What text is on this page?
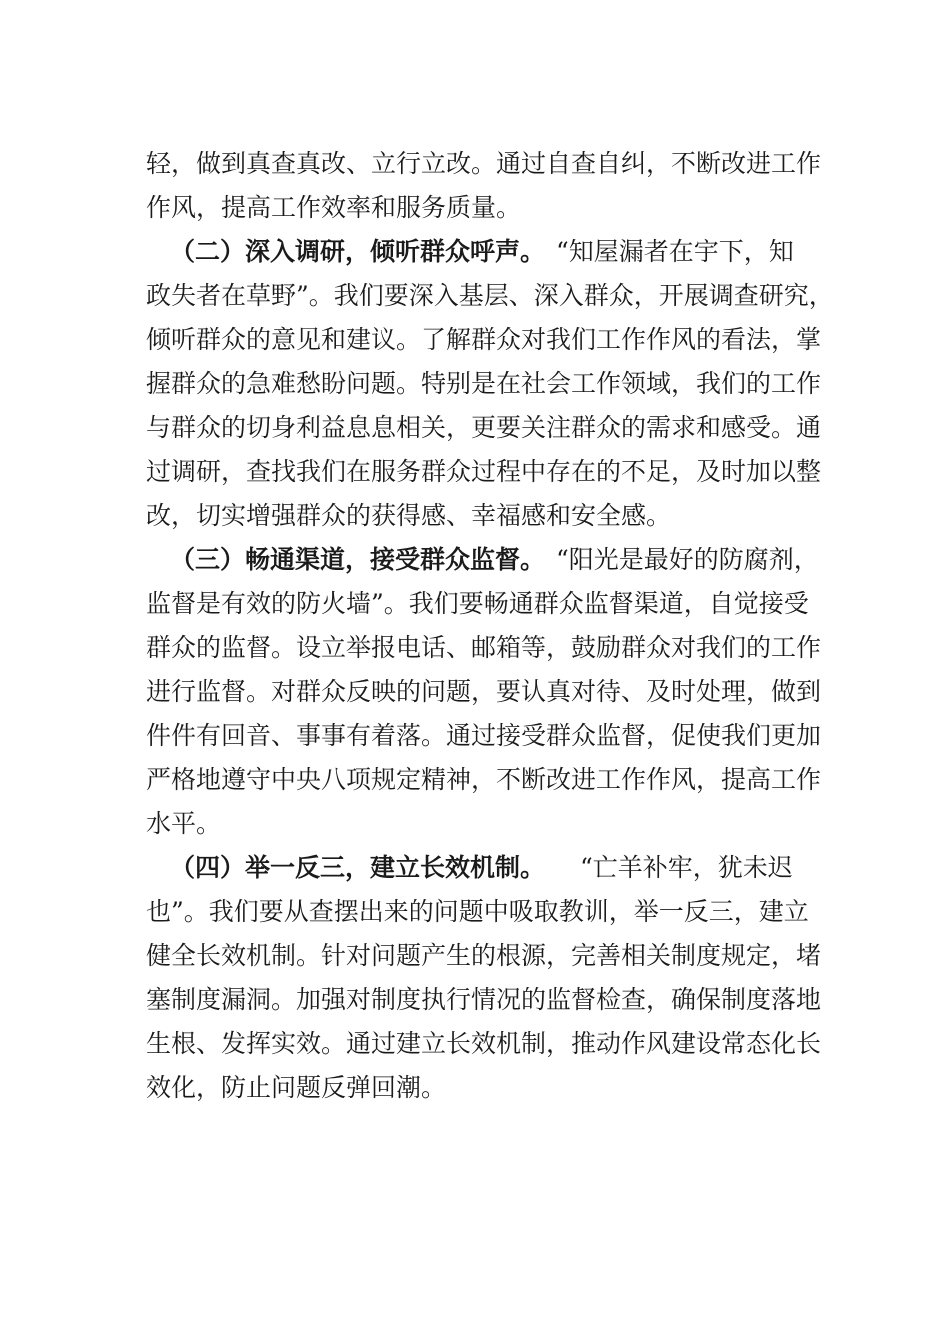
轻，做到真查真改、立行立改。通过自查自纠，不断改进工作
作风，提高工作效率和服务质量。
（二）深入调研，倾听群众呼声。 “知屋漏者在宇下，知
政失者在草野”。我们要深入基层、深入群众，开展调查研究，
倾听群众的意见和建议。了解群众对我们工作作风的看法，掌
握群众的急难愁盼问题。特别是在社会工作领域，我们的工作
与群众的切身利益息息相关，更要关注群众的需求和感受。通
过调研，查找我们在服务群众过程中存在的不足，及时加以整
改，切实增强群众的获得感、幸福感和安全感。
（三）畅通渠道，接受群众监督。 “阳光是最好的防腐剂，
监督是有效的防火墙”。我们要畅通群众监督渠道，自觉接受
群众的监督。设立举报电话、邮箱等，鼓励群众对我们的工作
进行监督。对群众反映的问题，要认真对待、及时处理，做到
件件有回音、事事有着落。通过接受群众监督，促使我们更加
严格地遵守中央八项规定精神，不断改进工作作风，提高工作
水平。
（四）举一反三，建立长效机制。 “亡羊补牢，犹未迟
也”。我们要从查摆出来的问题中吸取教训，举一反三，建立
健全长效机制。针对问题产生的根源，完善相关制度规定，堵
塞制度漏洞。加强对制度执行情况的监督检查，确保制度落地
生根、发挥实效。通过建立长效机制，推动作风建设常态化长
效化，防止问题反弹回潮。
